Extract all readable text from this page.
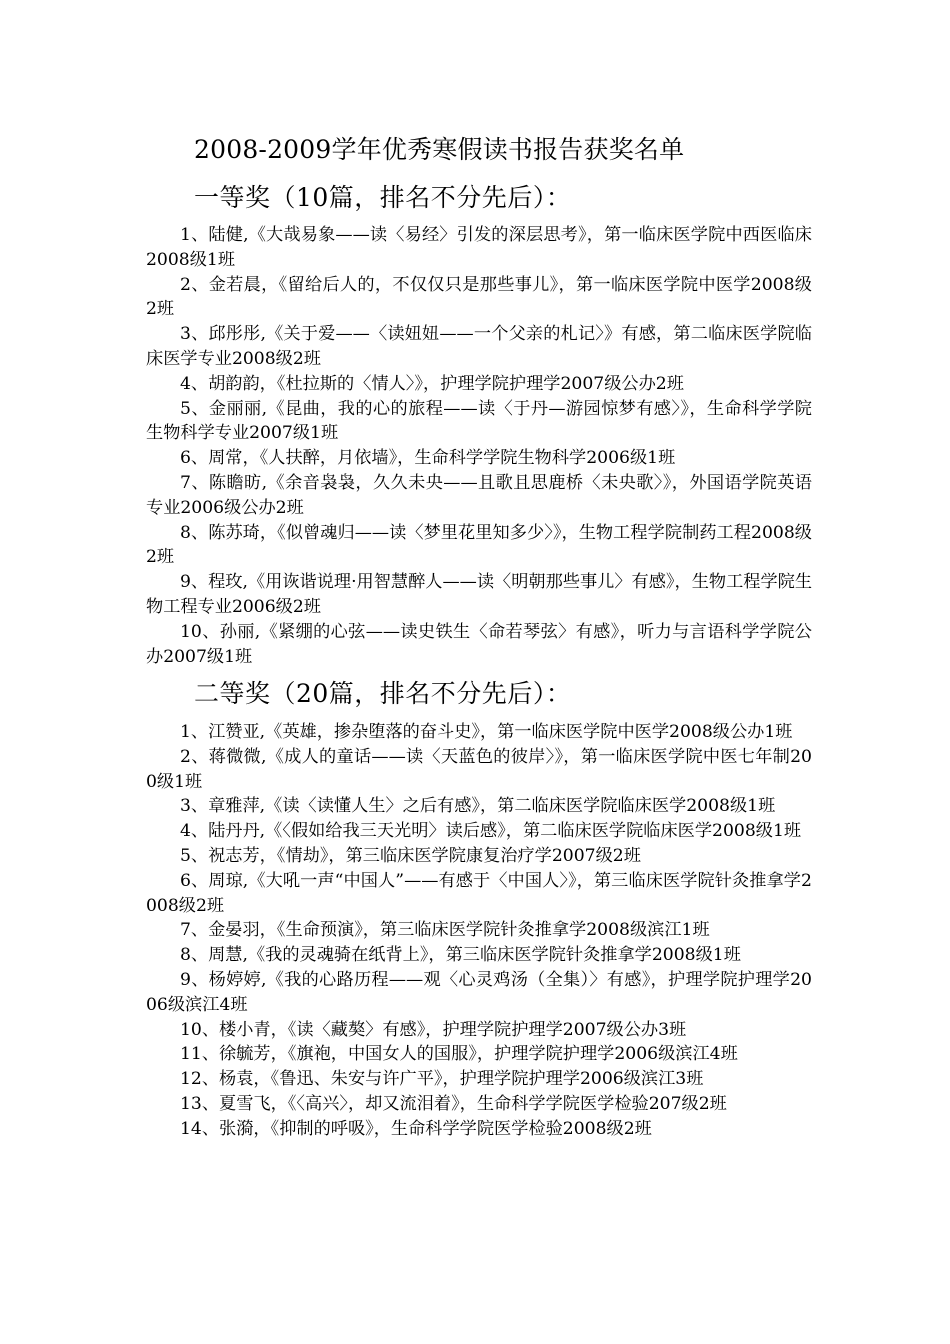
2008-2009学年优秀寒假读书报告获奖名单
一等奖（10篇，排名不分先后）：
1、陆健,《大哉易象——读〈易经〉引发的深层思考》，第一临床医学院中西医临床2008级1班
2、金若晨，《留给后人的，不仅仅只是那些事儿》，第一临床医学院中医学2008级2班
3、邱彤彤,《关于爱——〈读妞妞——一个父亲的札记〉》有感，第二临床医学院临床医学专业2008级2班
4、胡韵韵，《杜拉斯的〈情人〉》，护理学院护理学2007级公办2班
5、金丽丽,《昆曲，我的心的旅程——读〈于丹—游园惊梦有感〉》，生命科学学院生物科学专业2007级1班
6、周常，《人扶醉，月依墙》，生命科学学院生物科学2006级1班
7、陈瞻昉,《余音袅袅，久久未央——且歌且思鹿桥〈未央歌〉》，外国语学院英语专业2006级公办2班
8、陈苏琦，《似曾魂归——读〈梦里花里知多少〉》，生物工程学院制药工程2008级2班
9、程玫,《用诙谐说理·用智慧醉人——读〈明朝那些事儿〉有感》，生物工程学院生物工程专业2006级2班
10、孙丽,《紧绷的心弦——读史铁生〈命若琴弦〉有感》，听力与言语科学学院公办2007级1班
二等奖（20篇，排名不分先后）：
1、江赞亚,《英雄，掺杂堕落的奋斗史》，第一临床医学院中医学2008级公办1班
2、蒋微微,《成人的童话——读〈天蓝色的彼岸〉》，第一临床医学院中医七年制200级1班
3、章雅萍,《读〈读懂人生〉之后有感》，第二临床医学院临床医学2008级1班
4、陆丹丹,《〈假如给我三天光明〉读后感》，第二临床医学院临床医学2008级1班
5、祝志芳，《情劫》，第三临床医学院康复治疗学2007级2班
6、周琼,《大吼一声“中国人”——有感于〈中国人〉》，第三临床医学院针灸推拿学2008级2班
7、金晏羽，《生命预演》，第三临床医学院针灸推拿学2008级滨江1班
8、周慧,《我的灵魂骑在纸背上》，第三临床医学院针灸推拿学2008级1班
9、杨婷婷,《我的心路历程——观〈心灵鸡汤（全集）〉有感》，护理学院护理学2006级滨江4班
10、楼小青，《读〈藏獒〉有感》，护理学院护理学2007级公办3班
11、徐毓芳，《旗袍，中国女人的国服》，护理学院护理学2006级滨江4班
12、杨袁，《鲁迅、朱安与许广平》，护理学院护理学2006级滨江3班
13、夏雪飞，《〈高兴〉，却又流泪着》，生命科学学院医学检验207级2班
14、张漪，《抑制的呼吸》，生命科学学院医学检验2008级2班
